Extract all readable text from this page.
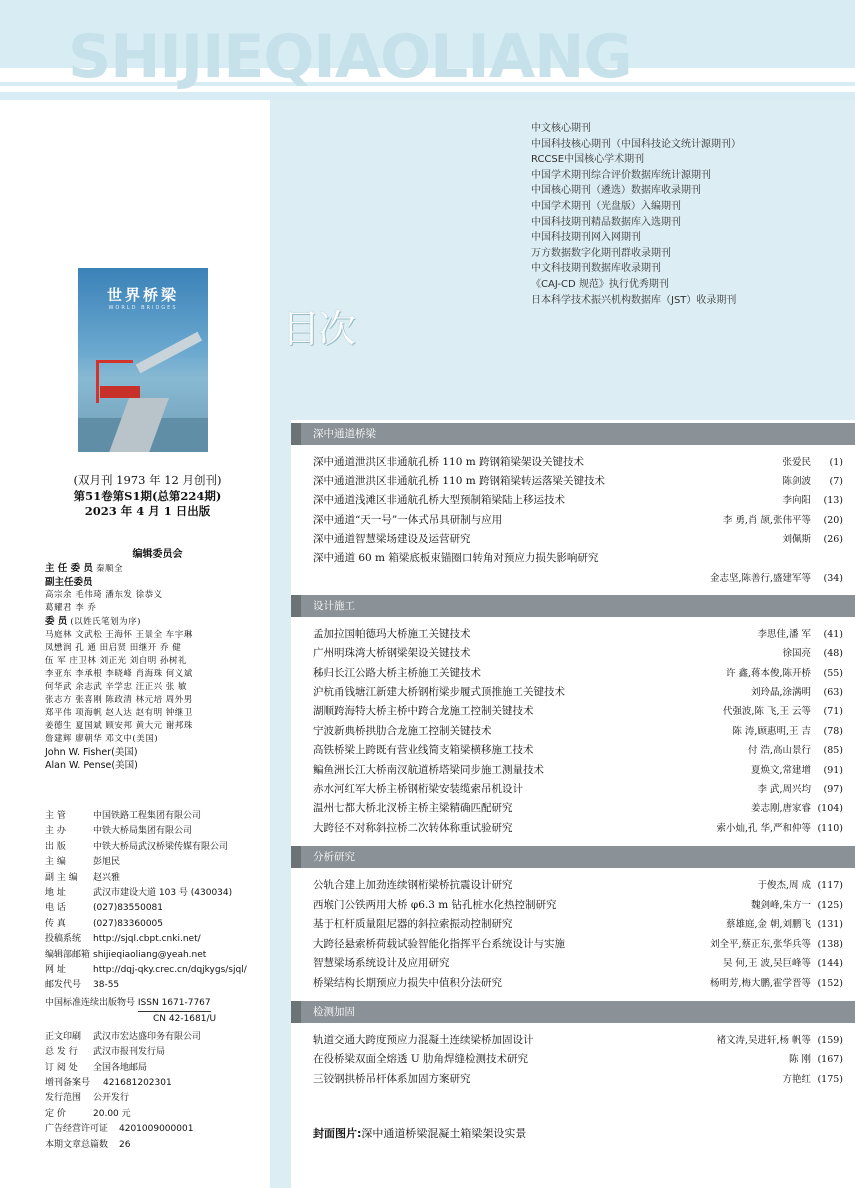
SHIJIEQIAOLIANG
世界桥梁
WORLD BRIDGES
(双月刊 1973 年 12 月创刊)
第51卷第S1期(总第224期)
2023 年 4 月 1 日出版
编辑委员会
主 任 委 员 秦顺全
副主任委员
高宗余 毛伟琦 潘东发 徐恭义
葛耀君 李 乔
委 员 (以姓氏笔划为序)
马庭林 文武松 王海怀 王景全 车宇琳
凤懋润 孔 通 田启贤 田继开 乔 健
伍 军 庄卫林 刘正光 刘自明 孙树礼
李亚东 李承根 李晓峰 肖海珠 何义斌
何华武 余志武 辛学忠 汪正兴 张 敏
张志方 张喜刚 陈政清 林元培 周外男
郑平伟 项海帆 赵人达 赵有明 钟继卫
姜德生 夏国斌 顾安邦 黄大元 谢邦珠
詹建辉 廖朝华 邓文中(美国)
John W. Fisher(美国)
Alan W. Pense(美国)
主 管	中国铁路工程集团有限公司
主 办	中铁大桥局集团有限公司
出 版	中铁大桥局武汉桥梁传媒有限公司
主 编	彭旭民
副 主 编 赵兴雅
地 址	武汉市建设大道 103 号 (430034)
电 话	(027)83550081
传 真	(027)83360005
投稿系统 http://sjql.cbpt.cnki.net/
编辑部邮箱 shijieqiaoliang@yeah.net
网 址	http://dqj-qky.crec.cn/dqjkygs/sjql/
邮发代号 38-55
中国标准连续出版物号 ISSN 1671-7767
CN 42-1681/U
正文印刷 武汉市宏达盛印务有限公司
总 发 行 武汉市报刊发行局
订 阅 处 全国各地邮局
增刊备案号 421681202301
发行范围 公开发行
定 价	20.00 元
广告经营许可证 4201009000001
本期文章总篇数 26
中文核心期刊
中国科技核心期刊（中国科技论文统计源期刊）
RCCSE中国核心学术期刊
中国学术期刊综合评价数据库统计源期刊
中国核心期刊（遴选）数据库收录期刊
中国学术期刊（光盘版）入编期刊
中国科技期刊精品数据库入选期刊
中国科技期刊网入网期刊
万方数据数字化期刊群收录期刊
中文科技期刊数据库收录期刊
《CAJ-CD 规范》执行优秀期刊
日本科学技术振兴机构数据库（JST）收录期刊
目次
深中通道桥梁
深中通道泄洪区非通航孔桥 110 m 跨钢箱梁架设关键技术	张爱民 (1)
深中通道泄洪区非通航孔桥 110 m 跨钢箱梁转运落梁关键技术	陈剑波 (7)
深中通道浅滩区非通航孔桥大型预制箱梁陆上移运技术	李向阳 (13)
深中通道“天一号”一体式吊具研制与应用	李 勇,肖 颉,张伟平等 (20)
深中通道智慧梁场建设及运营研究	刘佩斯 (26)
深中通道 60 m 箱梁底板束锚圈口转角对预应力损失影响研究
金志坚,陈善行,盛建军等 (34)
设计施工
孟加拉国帕德玛大桥施工关键技术	李思佳,潘 军 (41)
广州明珠湾大桥钢梁架设关键技术	徐国亮 (48)
秭归长江公路大桥主桥施工关键技术	许 鑫,蒋本俊,陈开桥 (55)
沪杭甬钱塘江新建大桥钢桁梁步履式顶推施工关键技术	刘玲晶,涂满明 (63)
湖顺跨海特大桥主桥中跨合龙施工控制关键技术	代强波,陈 飞,王 云等 (71)
宁波新典桥拱肋合龙施工控制关键技术	陈 涛,顾惠明,王 吉 (78)
高铁桥梁上跨既有营业线简支箱梁横移施工技术	付 浩,高山景行 (85)
鳊鱼洲长江大桥南汊航道桥塔梁同步施工测量技术	夏焕文,常建增 (91)
赤水河红军大桥主桥钢桁梁安装缆索吊机设计	李 武,周兴均 (97)
温州七都大桥北汊桥主桥主梁精确匹配研究	姜志刚,唐家睿 (104)
大跨径不对称斜拉桥二次转体称重试验研究	索小灿,孔 华,严和仲等 (110)
分析研究
公轨合建上加劲连续钢桁梁桥抗震设计研究	于俊杰,周 成 (117)
西堠门公铁两用大桥 φ6.3 m 钻孔桩水化热控制研究	魏剑峰,朱方一 (125)
基于杠杆质量阻尼器的斜拉索振动控制研究	蔡雄庭,金 朝,刘鹏飞 (131)
大跨径悬索桥荷载试验智能化指挥平台系统设计与实施	刘全平,蔡正东,张华兵等 (138)
智慧梁场系统设计及应用研究	吴 何,王 波,吴巨峰等 (144)
桥梁结构长期预应力损失中值积分法研究	杨明芳,梅大鹏,霍学晋等 (152)
检测加固
轨道交通大跨度预应力混凝土连续梁桥加固设计	褚文涛,吴进轩,杨 帆等 (159)
在役桥梁双面全熔透 U 肋角焊缝检测技术研究	陈 刚 (167)
三铰钢拱桥吊杆体系加固方案研究	方艳红 (175)
封面图片:深中通道桥梁混凝土箱梁架设实景
